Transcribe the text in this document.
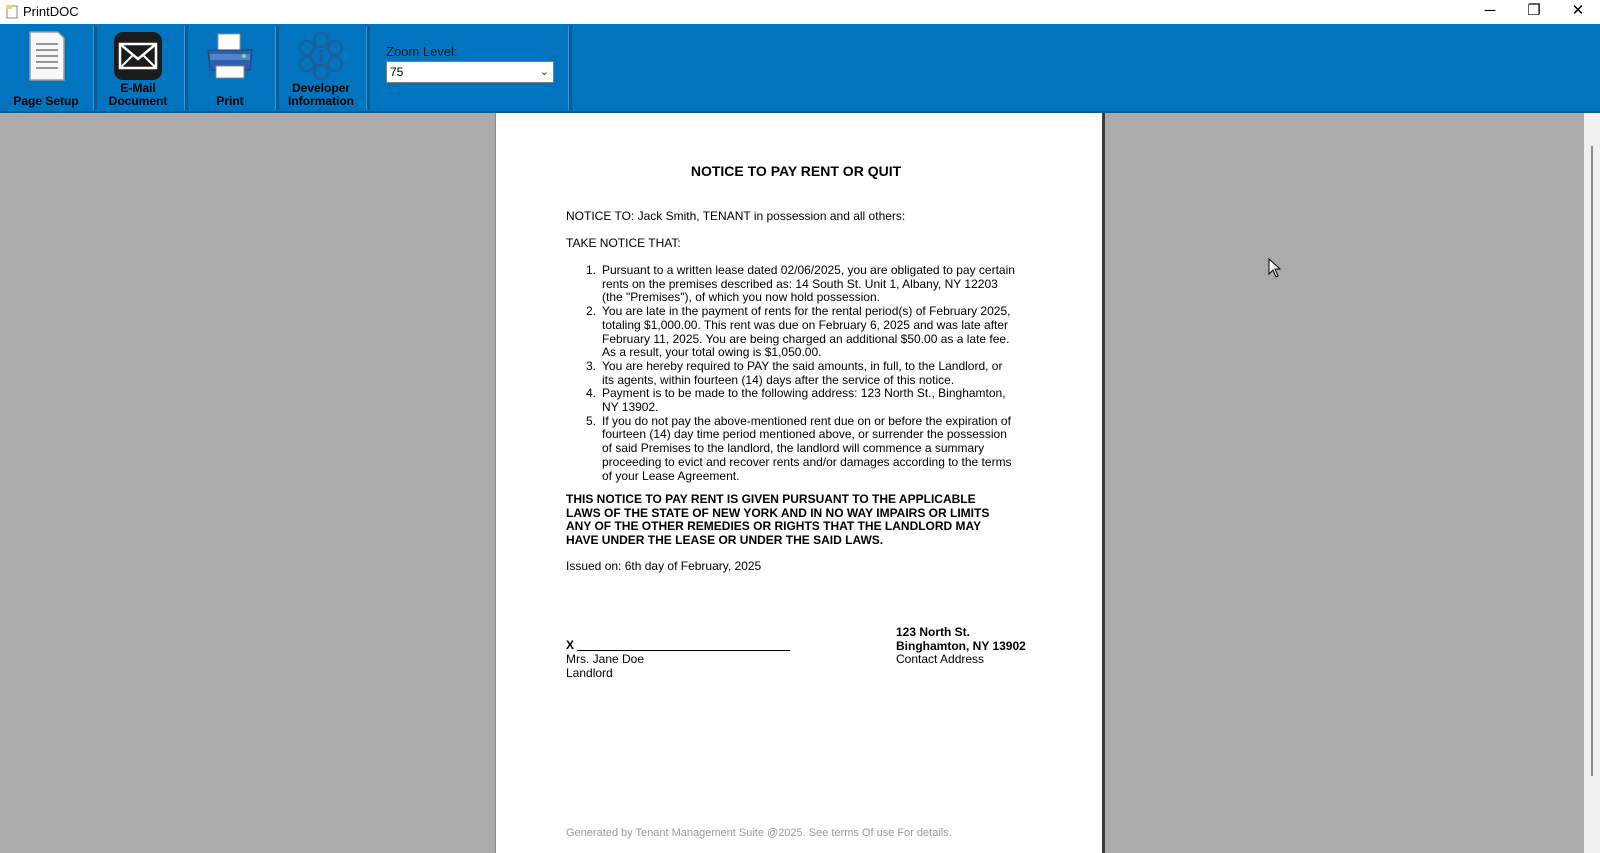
PrintDOC	─	❐	✕
Page Setup
E-Mail
Document	Print
Developer
Information
Zoom Level:
75	⌄
NOTICE TO PAY RENT OR QUIT
NOTICE TO: Jack Smith, TENANT in possession and all others:
TAKE NOTICE THAT:
1. Pursuant to a written lease dated 02/06/2025, you are obligated to pay certain rents on the premises described as: 14 South St. Unit 1, Albany, NY 12203 (the "Premises"), of which you now hold possession.
2. You are late in the payment of rents for the rental period(s) of February 2025, totaling $1,000.00. This rent was due on February 6, 2025 and was late after February 11, 2025. You are being charged an additional $50.00 as a late fee. As a result, your total owing is $1,050.00.
3. You are hereby required to PAY the said amounts, in full, to the Landlord, or its agents, within fourteen (14) days after the service of this notice.
4. Payment is to be made to the following address: 123 North St., Binghamton, NY 13902.
5. If you do not pay the above-mentioned rent due on or before the expiration of fourteen (14) day time period mentioned above, or surrender the possession of said Premises to the landlord, the landlord will commence a summary proceeding to evict and recover rents and/or damages according to the terms of your Lease Agreement.
THIS NOTICE TO PAY RENT IS GIVEN PURSUANT TO THE APPLICABLE LAWS OF THE STATE OF NEW YORK AND IN NO WAY IMPAIRS OR LIMITS ANY OF THE OTHER REMEDIES OR RIGHTS THAT THE LANDLORD MAY HAVE UNDER THE LEASE OR UNDER THE SAID LAWS.
Issued on: 6th day of February, 2025
X
Mrs. Jane Doe
Landlord
123 North St.
Binghamton, NY 13902
Contact Address
Generated by Tenant Management Suite @2025. See terms Of use For details.
